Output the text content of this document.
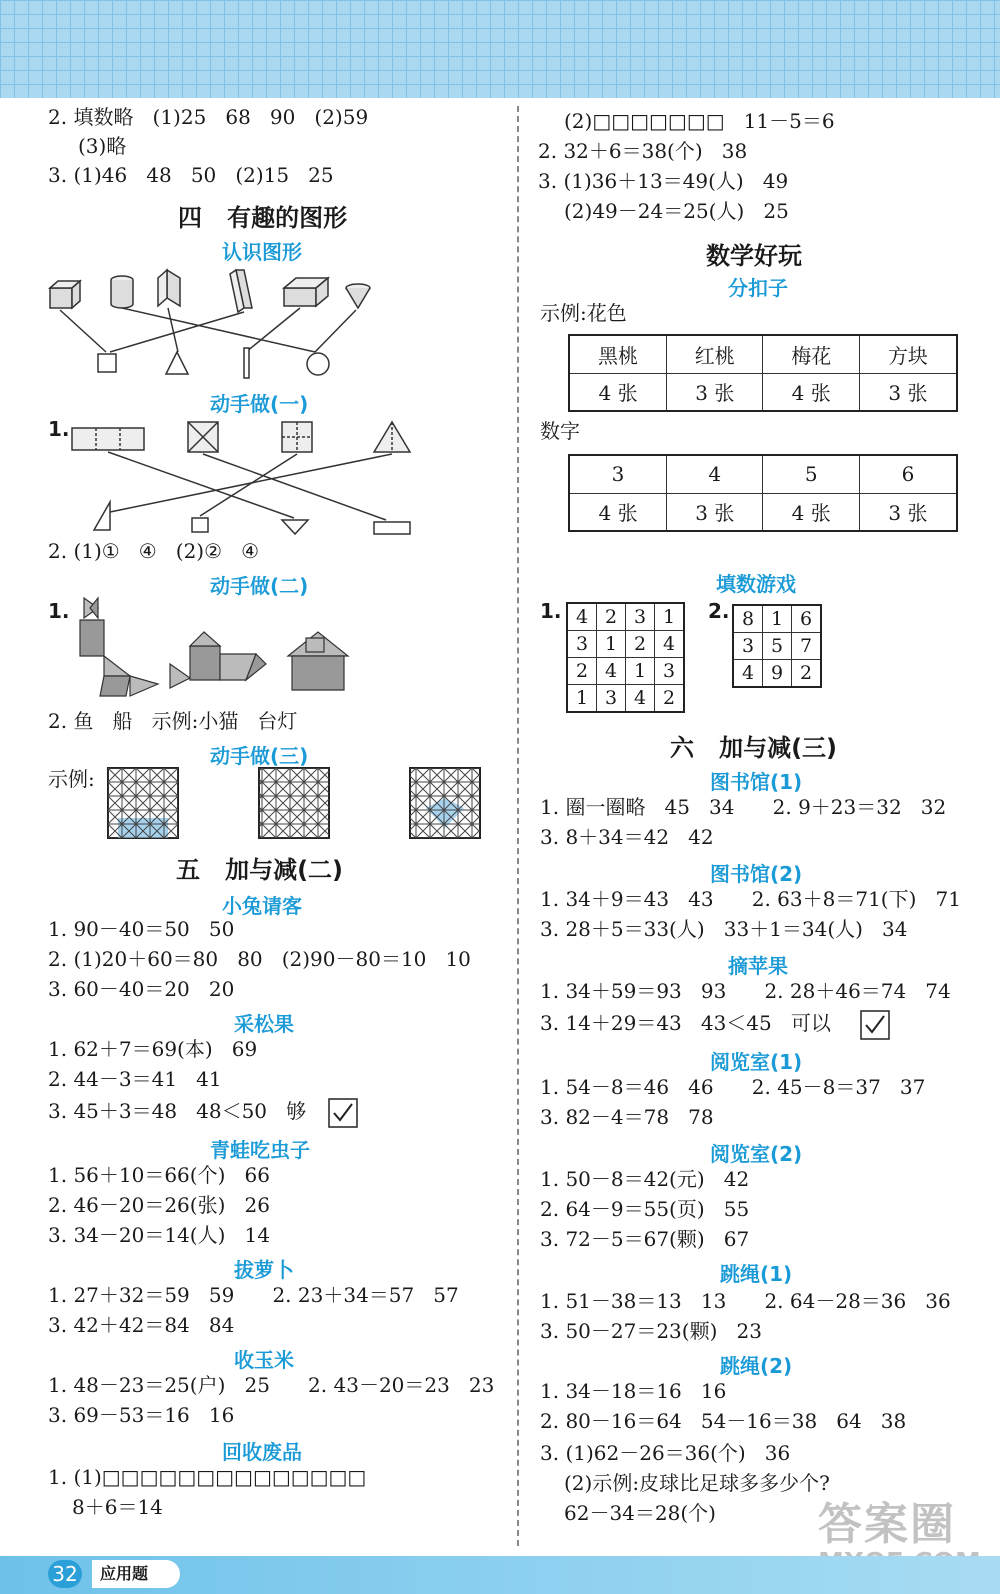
2. 填数略   (1)25   68   90   (2)59
(3)略
3. (1)46   48   50   (2)15   25
四   有趣的图形
认识图形
动手做(一)
1.
2. (1)①   ④   (2)②   ④
动手做(二)
1.
2. 鱼   船   示例:小猫   台灯
动手做(三)
示例:
五   加与减(二)
小兔请客
1. 90－40＝50   50
2. (1)20＋60＝80   80   (2)90－80＝10   10
3. 60－40＝20   20
采松果
1. 62＋7＝69(本)   69
2. 44－3＝41   41
3. 45＋3＝48   48＜50   够
青蛙吃虫子
1. 56＋10＝66(个)   66
2. 46－20＝26(张)   26
3. 34－20＝14(人)   14
拔萝卜
1. 27＋32＝59   59      2. 23＋34＝57   57
3. 42＋42＝84   84
收玉米
1. 48－23＝25(户)   25      2. 43－20＝23   23
3. 69－53＝16   16
回收废品
1. (1)□□□□□□□□□□□□□□
8＋6＝14
(2)□□□□□□□   11－5＝6
2. 32＋6＝38(个)   38
3. (1)36＋13＝49(人)   49
(2)49－24＝25(人)   25
数学好玩
分扣子
示例:花色
黑桃	红桃	梅花	方块
4 张	3 张	4 张	3 张
数字
3	4	5	6
4 张	3 张	4 张	3 张
填数游戏
1. 4	2	3	1
3	1	2	4
2	4	1	3
1	3	4	2
2. 8	1	6
3	5	7
4	9	2
六   加与减(三)
图书馆(1)
1. 圈一圈略   45   34      2. 9＋23＝32   32
3. 8＋34＝42   42
图书馆(2)
1. 34＋9＝43   43      2. 63＋8＝71(下)   71
3. 28＋5＝33(人)   33＋1＝34(人)   34
摘苹果
1. 34＋59＝93   93      2. 28＋46＝74   74
3. 14＋29＝43   43＜45   可以
阅览室(1)
1. 54－8＝46   46      2. 45－8＝37   37
3. 82－4＝78   78
阅览室(2)
1. 50－8＝42(元)   42
2. 64－9＝55(页)   55
3. 72－5＝67(颗)   67
跳绳(1)
1. 51－38＝13   13      2. 64－28＝36   36
3. 50－27＝23(颗)   23
跳绳(2)
1. 34－18＝16   16
2. 80－16＝64   54－16＝38   64   38
3. (1)62－26＝36(个)   36
(2)示例:皮球比足球多多少个?
62－34＝28(个) 答案圈
32	应用题
